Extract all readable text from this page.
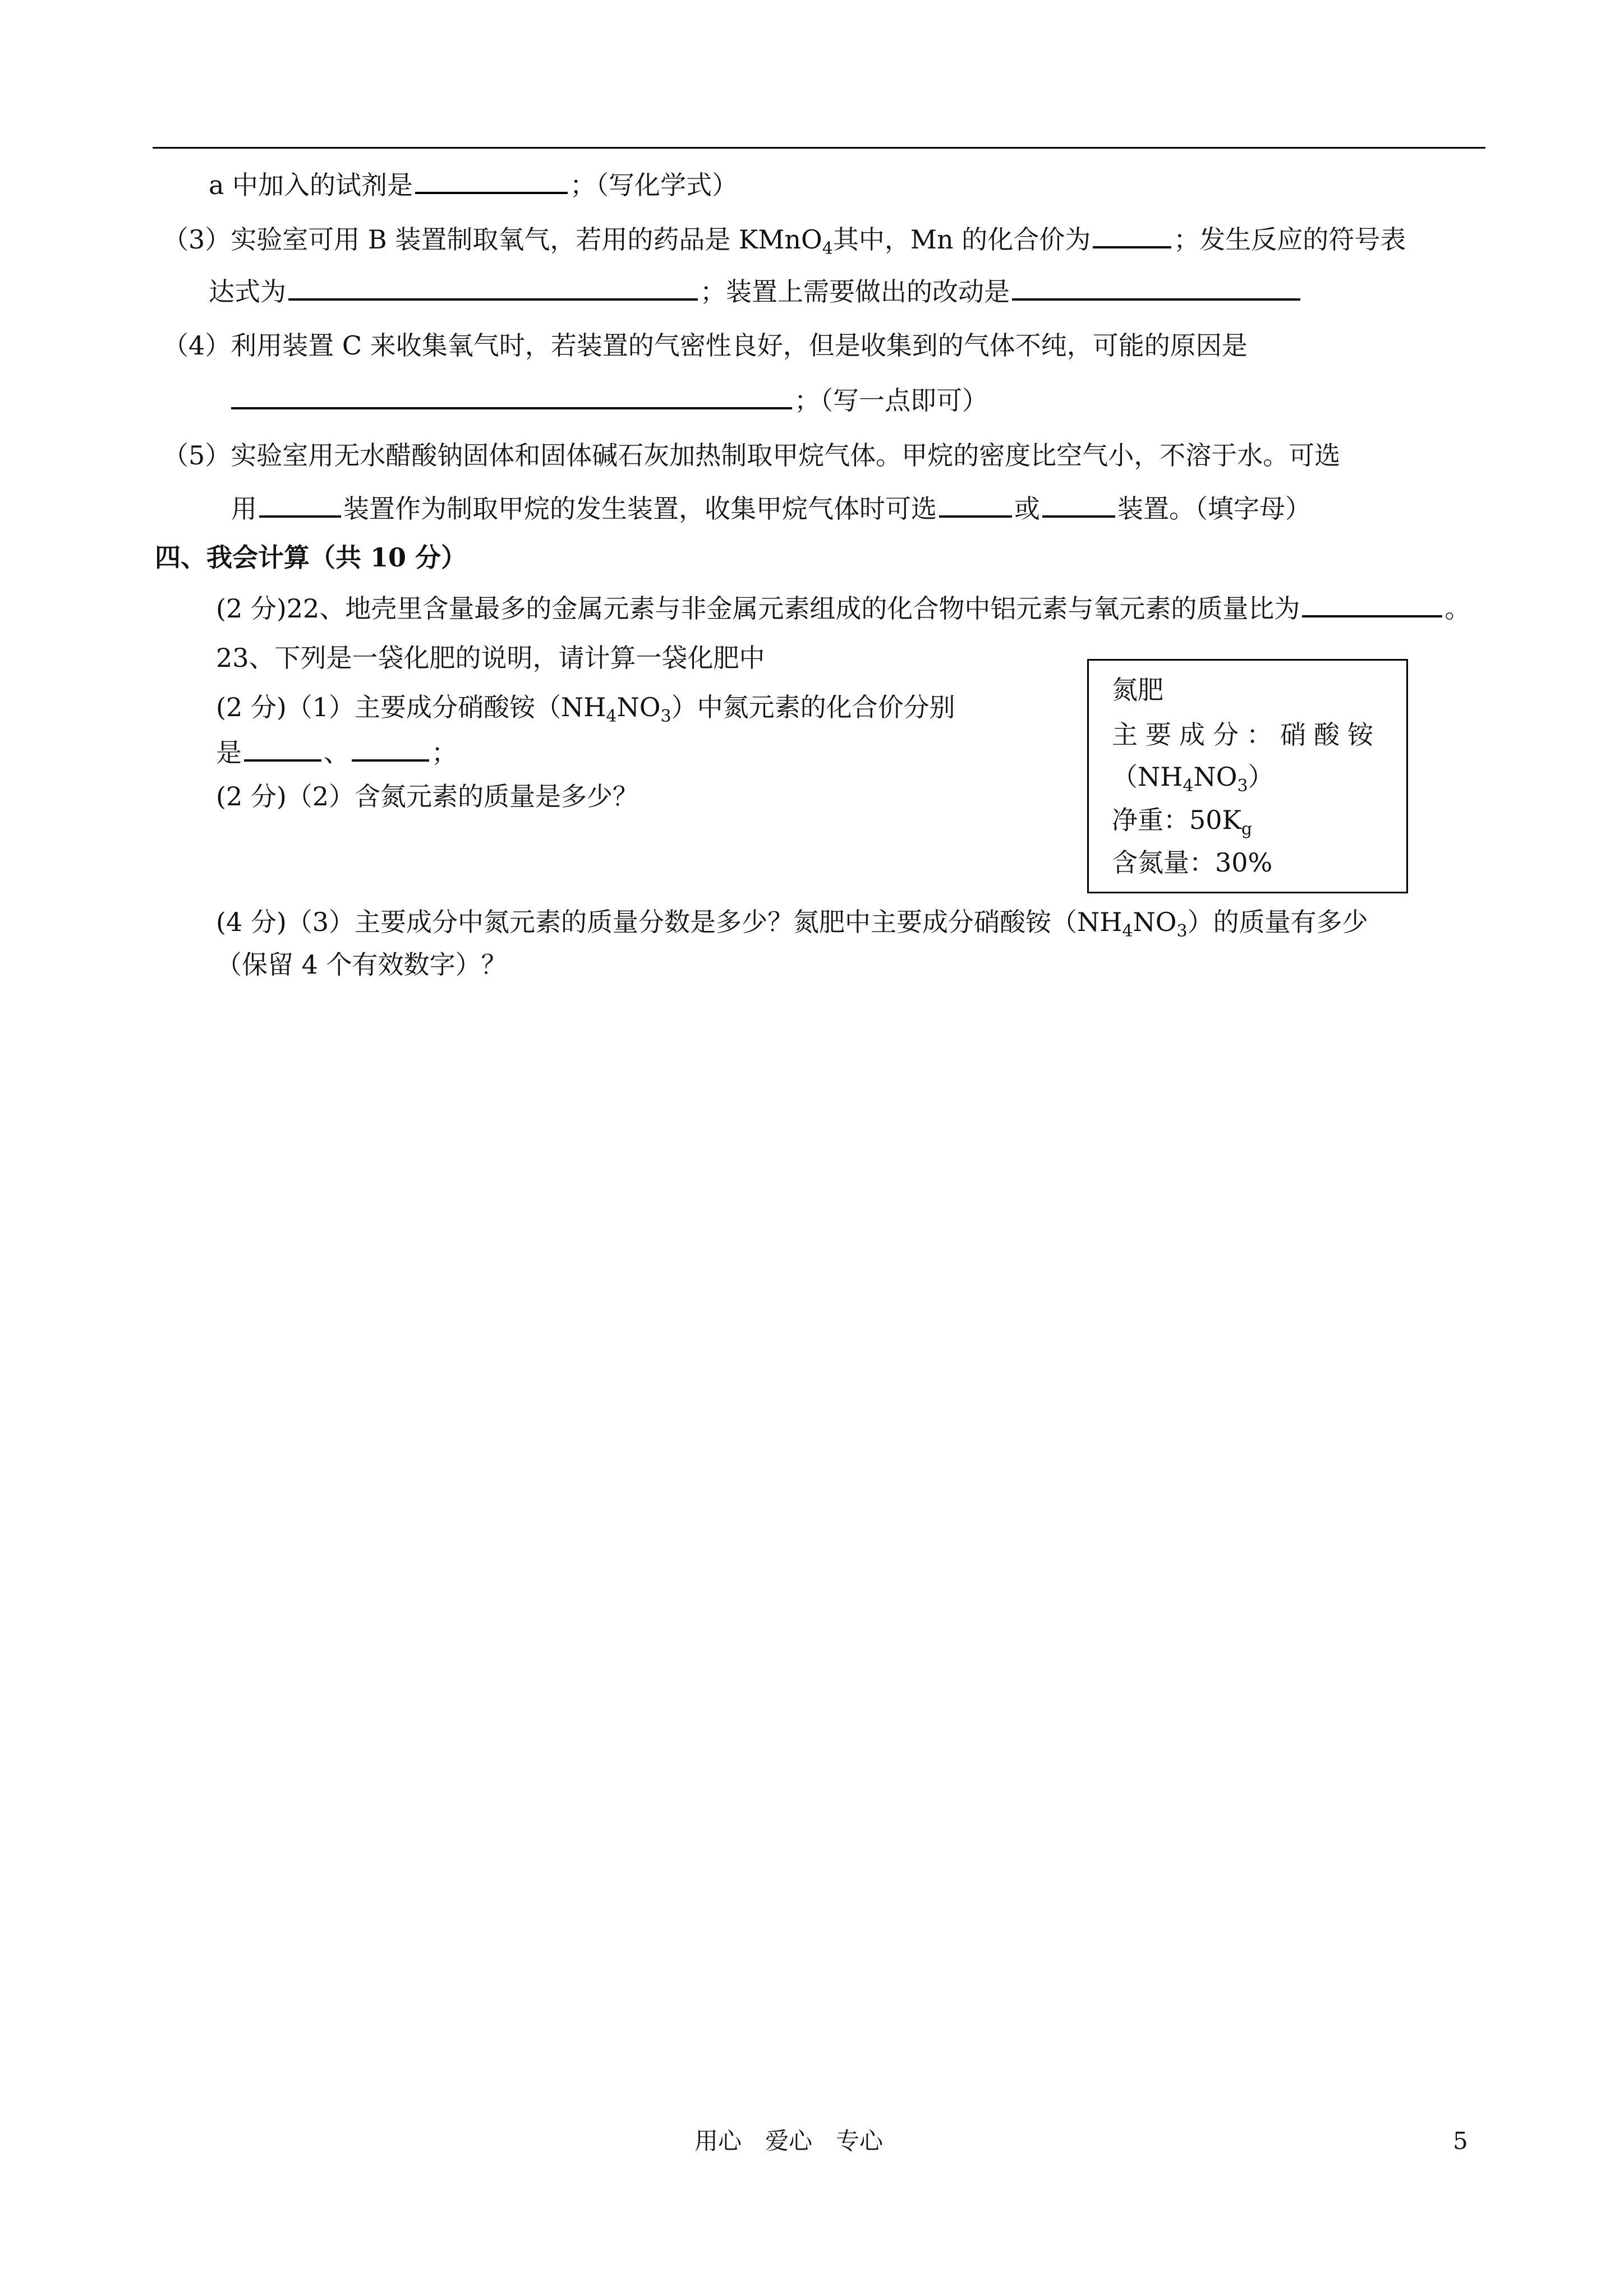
a 中加入的试剂是	；（写化学式）
（3）实验室可用 B 装置制取氧气，若用的药品是 KMnO$_4$其中，Mn 的化合价为	；发生反应的符号表
达式为	；装置上需要做出的改动是
（4）利用装置 C 来收集氧气时，若装置的气密性良好，但是收集到的气体不纯，可能的原因是
；（写一点即可）
（5）实验室用无水醋酸钠固体和固体碱石灰加热制取甲烷气体。甲烷的密度比空气小，不溶于水。可选
用	装置作为制取甲烷的发生装置，收集甲烷气体时可选	或	装置。（填字母）
四、我会计算（共 10 分）
(2 分)22、地壳里含量最多的金属元素与非金属元素组成的化合物中铝元素与氧元素的质量比为	。
23、下列是一袋化肥的说明，请计算一袋化肥中
(2 分)（1）主要成分硝酸铵$(NH_4NO_3)$中氮元素的化合价分别
是	、	；
(2 分)（2）含氮元素的质量是多少？
氮肥
主要成分：硝酸铵
$(NH_4NO_3)$
净重：$50K_g$
含氮量：30%
(4 分)（3）主要成分中氮元素的质量分数是多少？氮肥中主要成分硝酸铵$(NH_4NO_3)$的质量有多少
（保留 4 个有效数字）？
用心　爱心　专心	5
